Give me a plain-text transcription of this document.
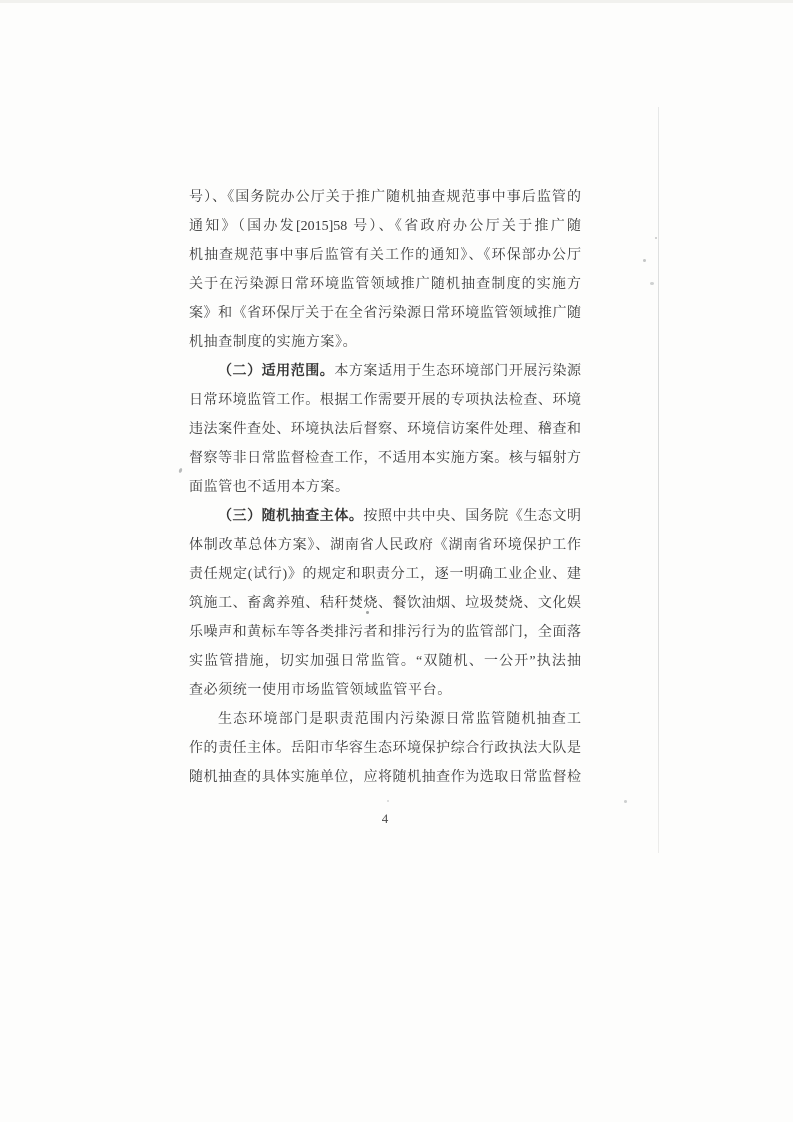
号）、《国务院办公厅关于推广随机抽查规范事中事后监管的
通知》（国办发[2015]58 号）、《省政府办公厅关于推广随
机抽查规范事中事后监管有关工作的通知》、《环保部办公厅
关于在污染源日常环境监管领域推广随机抽查制度的实施方
案》和《省环保厅关于在全省污染源日常环境监管领域推广随
机抽查制度的实施方案》。
（二）适用范围。本方案适用于生态环境部门开展污染源
日常环境监管工作。根据工作需要开展的专项执法检查、环境
违法案件查处、环境执法后督察、环境信访案件处理、稽查和
督察等非日常监督检查工作，不适用本实施方案。核与辐射方
面监管也不适用本方案。
（三）随机抽查主体。按照中共中央、国务院《生态文明
体制改革总体方案》、湖南省人民政府《湖南省环境保护工作
责任规定(试行)》的规定和职责分工，逐一明确工业企业、建
筑施工、畜禽养殖、秸秆焚烧、餐饮油烟、垃圾焚烧、文化娱
乐噪声和黄标车等各类排污者和排污行为的监管部门，全面落
实监管措施，切实加强日常监管。“双随机、一公开”执法抽
查必须统一使用市场监管领域监管平台。
生态环境部门是职责范围内污染源日常监管随机抽查工
作的责任主体。岳阳市华容生态环境保护综合行政执法大队是
随机抽查的具体实施单位，应将随机抽查作为选取日常监督检
4
